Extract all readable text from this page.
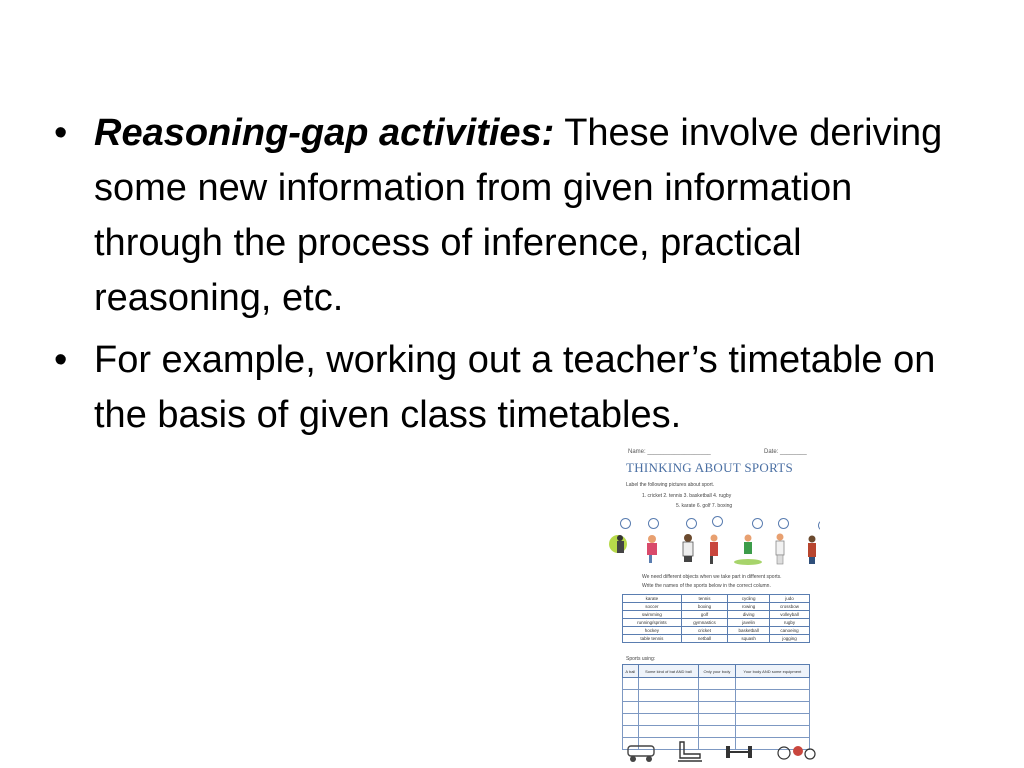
• Reasoning-gap activities: These involve deriving some new information from given information through the process of inference, practical reasoning, etc.
• For example, working out a teacher’s timetable on the basis of given class timetables.
Name: ___________________	Date: ________
THINKING ABOUT SPORTS
Label the following pictures about sport.
1. cricket 2. tennis 3. basketball 4. rugby
5. karate 6. golf 7. boxing
We need different objects when we take part in different sports.
Write the names of the sports below in the correct column.
karate	tennis	cycling	judo
soccer	boxing	rowing	crossbow
swimming	golf	diving	volleyball
running/sprints	gymnastics	javelin	rugby
hockey	cricket	basketball	canoeing
table tennis	netball	squash	jogging
Sports using:
A ball	Some kind of bat AND ball	Only your body	Your body AND some equipment
